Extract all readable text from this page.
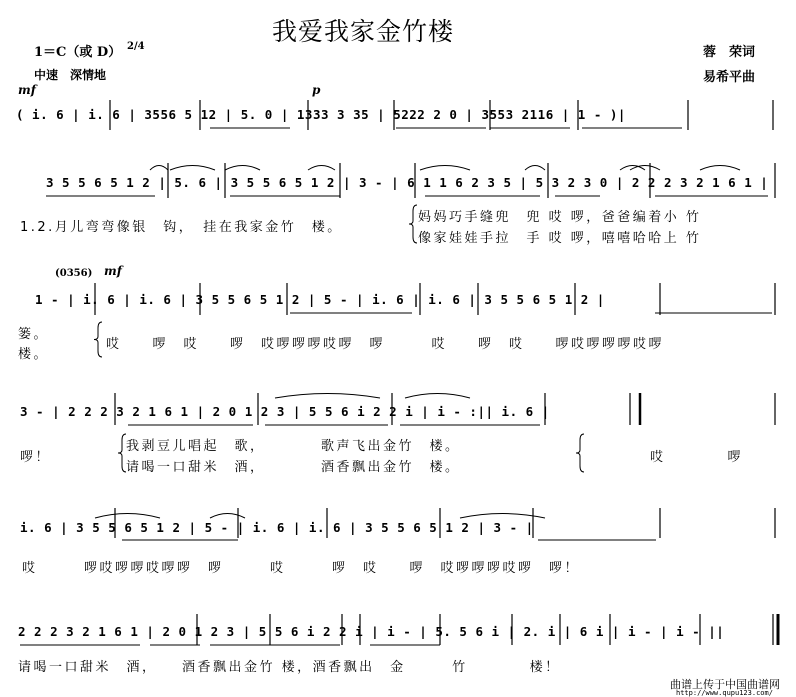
我爱我家金竹楼
1＝C（或 D） 2/4
中速　深情地
蓉　荣词
易希平曲
mf	p
( i. 6 | i. 6 | 3556 5 12 | 5. 0 | 1333 3 35 | 5222 2 0 | 3553 2116 | 1 - )|
3 5 5 6 5 1 2 | 5. 6 | 3 5 5 6 5 1 2 | 3 - | 6 1 1 6 2 3 5 | 5 3 2 3 0 | 2 2 2 3 2 1 6 1 |
1.2.月儿弯弯像银　钩，　挂在我家金竹　楼。
妈妈巧手缝兜　兜 哎 啰，爸爸编着小 竹
像家娃娃手拉　手 哎 啰，嘻嘻哈哈上 竹
(0356) mf
1 - | i. 6 | i. 6 | 3 5 5 6 5 1 2 | 5 - | i. 6 | i. 6 | 3 5 5 6 5 1 2 |
篓。
楼。
哎　　啰　哎　　啰　哎啰啰啰哎啰　啰　　　哎　　啰　哎　　啰哎啰啰啰哎啰
3 - | 2 2 2 3 2 1 6 1 | 2 0 1 2 3 | 5 5 6 i 2 2 i | i - :|| i. 6 |
啰！
我剥豆儿唱起　歌，　　　　歌声飞出金竹　楼。
请喝一口甜米　酒，　　　　酒香飘出金竹　楼。
哎　　　　啰
i. 6 | 3 5 5 6 5 1 2 | 5 - | i. 6 | i. 6 | 3 5 5 6 5 1 2 | 3 - |
哎　　　啰哎啰啰哎啰啰　啰　　　哎　　　啰　哎　　啰　哎啰啰啰哎啰　啰！
2 2 2 3 2 1 6 1 | 2 0 1 2 3 | 5 5 6 i 2 2 i | i - | 5. 5 6 i | 2. i | 6 i | i - | i - ||
请喝一口甜米　酒，　　酒香飘出金竹 楼，酒香飘出　金　　　竹　　　　楼！
曲谱上传于中国曲谱网
http://www.qupu123.com/
